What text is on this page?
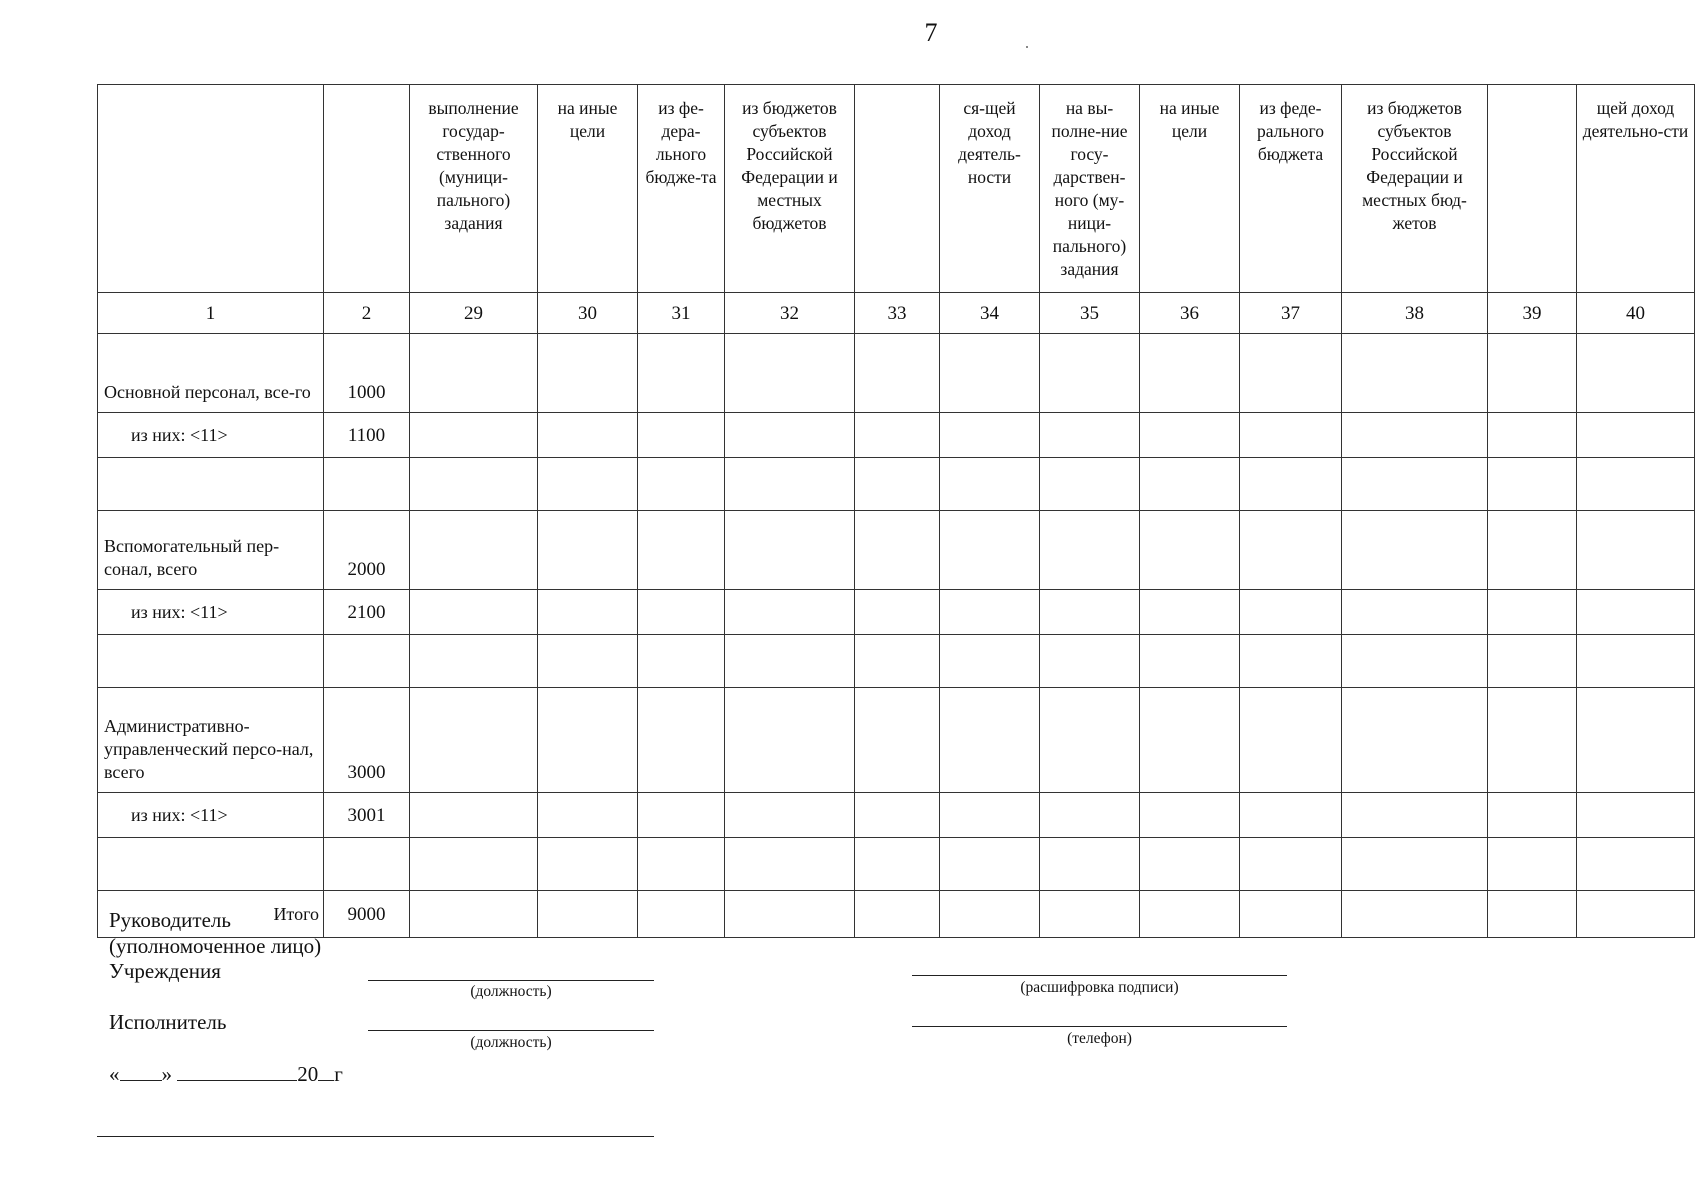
7
		выполнение государ-ственного (муници-пального) задания	на иные цели	из фе-дера-льного бюдже-та	из бюджетов субъектов Российской Федерации и местных бюджетов		ся-щей доход деятель-ности	на вы-полне-ние госу-дарствен-ного (му-ници-пального) задания	на иные цели	из феде-рального бюджета	из бюджетов субъектов Российской Федерации и местных бюд-жетов		щей доход деятельно-сти
1	2	29	30	31	32	33	34	35	36	37	38	39	40
Основной персонал, все-го	1000												
из них: <11>	1100												

Вспомогательный пер-сонал, всего	2000												
из них: <11>	2100												

Административно-управленческий персо-нал, всего	3000												
из них: <11>	3001												

Итого	9000												
Руководитель
(уполномоченное лицо)
Учреждения
(должность)	(расшифровка подписи)
Исполнитель
(должность)	(телефон)
« »	20 г
